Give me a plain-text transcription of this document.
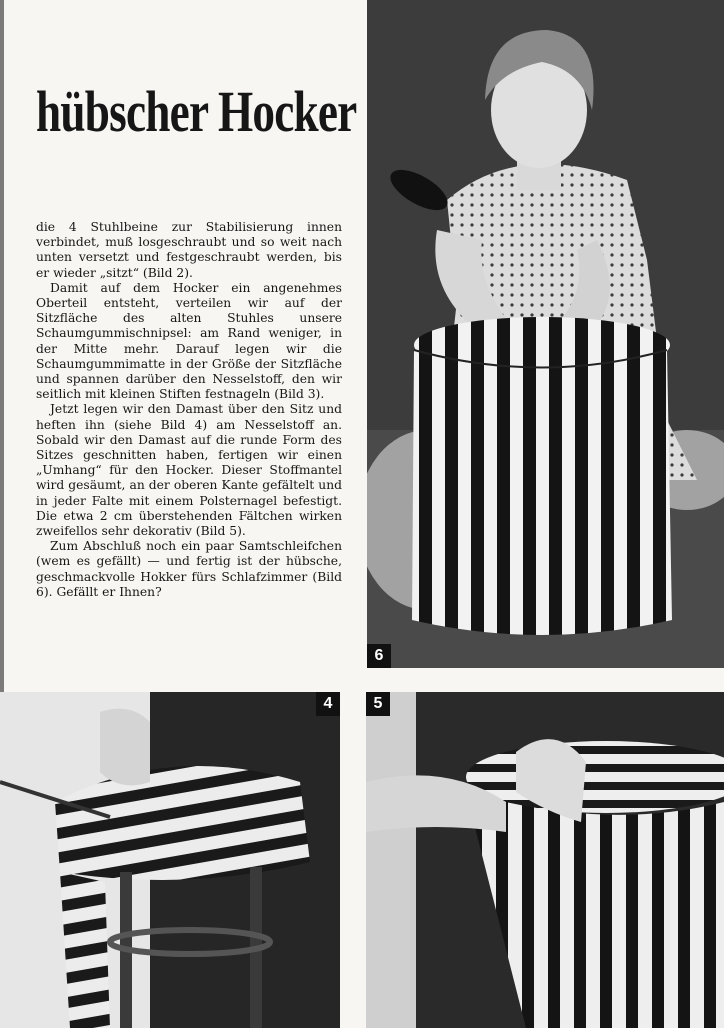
hübscher Hocker

die 4 Stuhlbeine zur Stabilisierung innen verbindet, muß losgeschraubt und so weit nach unten versetzt und festgeschraubt werden, bis er wieder „sitzt“ (Bild 2).

Damit auf dem Hocker ein angenehmes Oberteil entsteht, verteilen wir auf der Sitzfläche des alten Stuhles unsere Schaumgummischnipsel: am Rand weniger, in der Mitte mehr. Darauf legen wir die Schaumgummimatte in der Größe der Sitzfläche und spannen darüber den Nesselstoff, den wir seitlich mit kleinen Stiften festnageln (Bild 3).

Jetzt legen wir den Damast über den Sitz und heften ihn (siehe Bild 4) am Nesselstoff an. Sobald wir den Damast auf die runde Form des Sitzes geschnitten haben, fertigen wir einen „Umhang“ für den Hocker. Dieser Stoffmantel wird gesäumt, an der oberen Kante gefältelt und in jeder Falte mit einem Polsternagel befestigt. Die etwa 2 cm überstehenden Fältchen wirken zweifellos sehr dekorativ (Bild 5).

Zum Abschluß noch ein paar Samtschleifchen (wem es gefällt) — und fertig ist der hübsche, geschmackvolle Hokker fürs Schlafzimmer (Bild 6). Gefällt er Ihnen?

6
4	5
